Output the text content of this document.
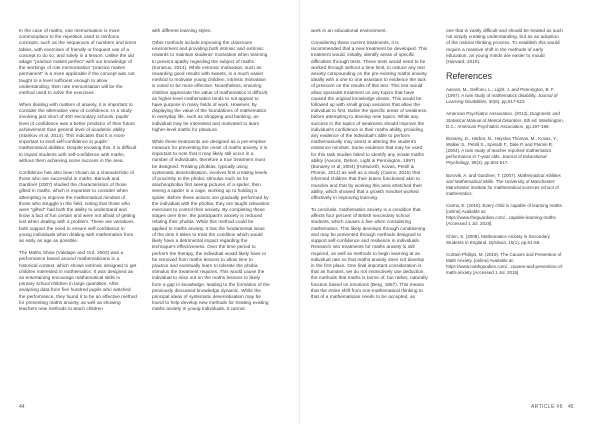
In the case of maths, rote memorisation is more commonplace to the repetition used to reinforce concepts, such as the sequences of numbers and times tables, with exercises of friendly or frequent use of a concept to do so, and solely in a lesson. Unlike the old adage "practice makes perfect" with our knowledge of the workings of rote memorisation "practice makes permanent" is a more applicable if the concept was not taught to a level sufficient enough to allow understanding, then rote memorisation will be the method used to solve the exercises.

When dealing with matters of anxiety, it is important to consider the alternative view of confidence. In a study involving just short of 400 secondary schools, pupils' level of confidence was a better predictor of their future achievement than general level of academic ability (Stankov et al, 2014). This indicates that it is more important to instil self-confidence in pupils' mathematical abilities. Despite knowing this, it is difficult to impart students with self-confidence with maths, without them achieving some success in the area.

Confidence has also been shown as a characteristic of those who are successful in maths. Barovik and Gardiner (2007) studied the characteristics of those gifted in maths, which is important to consider when attempting to improve the mathematical mindset of those who struggle in the field, noting that those who were "gifted" had both the ability to understand and know a fact of fun certain and were not afraid of getting lost when dealing with a problem. These are variations both support the need to ensure self-confidence in young individuals when dealing with mathematics from as early an age as possible.

The Maths Show (Vukitape and Ord, 2002) was a performance based around mathematicians in a historical context, which shows extrinsic designed to get children interested in mathematics. It was designed as an entertaining encourage mathematical skills in primary school children in large quantities. After analysing data from five hundred pupils who watched the performance, they found it to be an effective method for preventing maths anxiety, as well as showing teachers new methods to teach children

with different learning styles.

Other methods include improving the classroom environment and providing both intrinsic and extrinsic rewards to maintain students' motivation when learning to prevent apathy regarding the subject of maths (Konaruo, 2014). While extrinsic motivation, such as rewarding good results with sweets, is a much easier method to motivate young children, intrinsic motivation is noted to be more effective. Nonetheless, ensuring children appreciate the value of mathematics is difficult, as higher-level mathematics tends to not appear to have purpose in many fields of work. However, by displaying the value of the foundations of mathematics in everyday life, such as shopping and banking, an individual may be interested and motivated to learn higher-level maths for pleasure.

While these treatments are designed as a pre-emptive measure for preventing the onset of maths anxiety, it is important to note that it may likely still occur in a number of individuals, therefore a true treatment must be designed. Treating phobias, typically using systematic desensitisation, involves first creating levels of proximity to the phobic stimulus such as for arachnophobia first seeing pictures of a spider, then seeing a spider in a cage, working up to holding a spider. Before these actions are gradually performed by the individual with the phobia, they are taught relaxation exercises to control their anxiety. By completing these stages over time, the participant's anxiety is reduced relating their phobia. While this method could be applied to maths anxiety, it has the fundamental issue of the time it takes to treat the condition which would likely have a detrimental impact regarding the technique's effectiveness. Over the time period to perform the therapy, the individual would likely have to be removed from maths lessons to allow time to practice and eventually learn to tolerate the phobic stimulus the treatment requires. This would cause the individual to miss out on the maths lessons to likely form a gap in knowledge, leading to the formation of the previously discussed knowledge dynamic. While the principal ideas of systematic desensitisation may be found to help develop new methods for treating existing maths anxiety in young individuals, it cannot

work in an educational environment.

Considering these current treatments, it is recommended that a new treatment be developed. This treatment would, initially, identify areas of specific difficulties through tests. These tests would need to be worked through without a time limit, to reduce any test anxiety compounding on the pre-existing maths anxiety, ideally with a one to one assistant to evidence the lack of pressure on the results of this test. This test would allow specialist treatment on any topics that have caused the original knowledge dream. This would be followed up with small group sessions that allow the individual to first, tackle the specific areas of weakness, before attempting to develop new topics. While any success in the topics of weakness should improve the individual's confidence in their maths ability, providing any evidence of the individual's able to perform mathematically may assist in altering the student's existence mindset. Some evidence that may be used for this task studies failed to identify any innate maths ability (Aarons, Dehon, Light & Pennington, 1997) (Bonamy et al, 2004) (Holsworth, Kovas, Petrill & Plomin, 2012) as well as a study (Cairns, 2015) that informed children that their brains functioned akin to muscles and that by working this area stretched their ability, which showed that a growth mindset worked effectively in improving learning.

To conclude, mathematics anxiety is a condition that affects four percent of British secondary school students, which causes a five when considering mathematics. This likely develops through conditioning and may be prevented through methods designed to support self-confidence and resilience in individuals. Research into treatments for maths anxiety is still required, as well as methods to begin learning at an individual rate so that maths anxiety does not develop in the first place. One final important consideration is that as humans, we do not instinctively use deduction, the methods that maths is borne of, but rather, naturally function based on emotions (Berg, 1957). This means that the entire shift from non-mathematical thinking to that of a mathematician needs to be accepted, as

one that is vastly difficult and should be treated as such not simply creating understanding, but as an adoption of the natural thinking process. To establish this would require a massive shift in the methods of early education, as young minds are easier to mould (Harvard, 2019).

References

Aarons, M., Deflorio, L., Light, J. and Pennington, B. F. (1997). A twin study of mathematics disability. Journal of Learning Disabilities, 30(6), pp.617-623.

American Psychiatric Association. (2013). Diagnostic and Statistical Manual of Mental Disorders. 5th ed. Washington, D.C.: American Psychiatric Association, pp.197-198.

Bonamy, D., Harbor, N., Hayslus Thomas, M., Kovas, Y., Walker S., Petrill S., Spinath F., Dale P. and Plomin R. (2004). A twin study of teacher reported mathematics performance in 7-year olds. Journal of Educational Psychology, 96(3), pp.504-517.

Borovik, A. and Gardiner, T. (2007). Mathematical Abilities and Mathematical Skills. The University of Manchester: Manchester institute for mathematical sciences school of mathematics.

Cairns, E. (2015). Every child is capable of learning maths. [online] Available at: https://www.theguardian.com/...capable-learning-maths [Accessed 1 Jul. 2019].

Chinn, S. (2008). Mathematics Anxiety in Secondary Students in England. Dyslexia, 15(1), pp.61-68.

Curtain-Phillips, M. (2019). The Causes and Prevention of Math Anxiety. [online] Available at: https://www.mathgoodies.com/...causes-and-prevention-of-math-anxiety [Accessed 1 Jul. 2019].

44	ARTICLE #6 45
